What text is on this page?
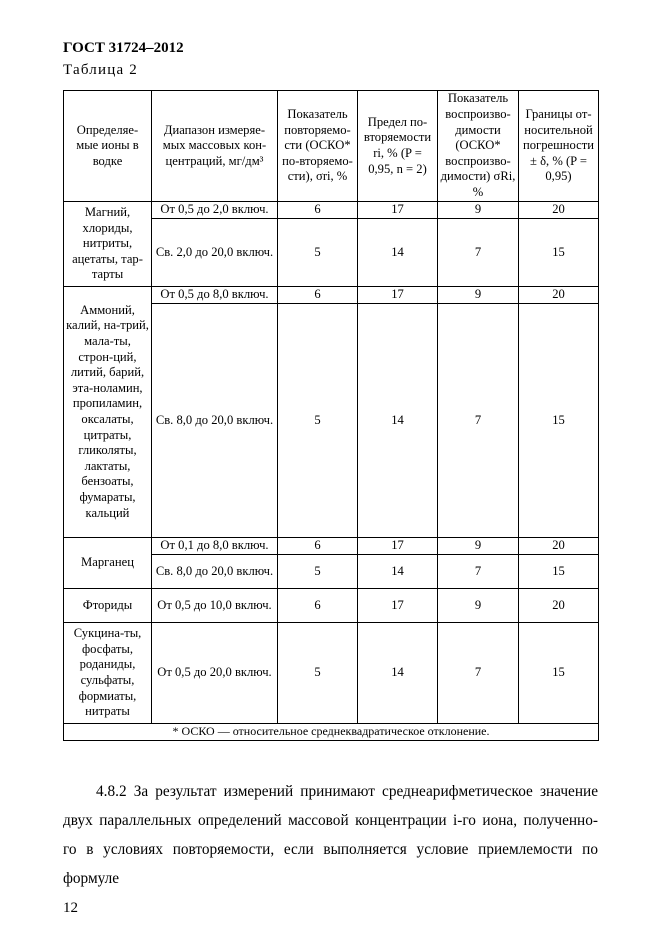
ГОСТ 31724–2012
Таблица 2
Определяе-мые ионы в водке	Диапазон измеряе-мых массовых кон-центраций, мг/дм³	Показатель повторяемо-сти (ОСКО* по-вторяемо-сти), σri, %	Предел по-вторяемости ri, % (P = 0,95, n = 2)	Показатель воспроизво-димости (ОСКО* воспроизво-димости) σRi, %	Границы от-носительной погрешности ± δ, % (P = 0,95)
Магний, хлориды, нитриты, ацетаты, тар-тарты	От 0,5 до 2,0 включ.	6	17	9	20
	Св. 2,0 до 20,0 включ.	5	14	7	15
Аммоний, калий, на-трий, мала-ты, строн-ций, литий, барий, эта-ноламин, пропиламин, оксалаты, цитраты, гликоляты, лактаты, бензоаты, фумараты, кальций	От 0,5 до 8,0 включ.	6	17	9	20
	Св. 8,0 до 20,0 включ.	5	14	7	15
Марганец	От 0,1 до 8,0 включ.	6	17	9	20
	Св. 8,0 до 20,0 включ.	5	14	7	15
Фториды	От 0,5 до 10,0 включ.	6	17	9	20
Сукцина-ты, фосфаты, роданиды, сульфаты, формиаты, нитраты	От 0,5 до 20,0 включ.	5	14	7	15
* ОСКО — относительное среднеквадратическое отклонение.					
4.8.2 За результат измерений принимают среднеарифметическое значение
двух параллельных определений массовой концентрации i-го иона, полученно-
го в условиях повторяемости, если выполняется условие приемлемости по
формуле
12
